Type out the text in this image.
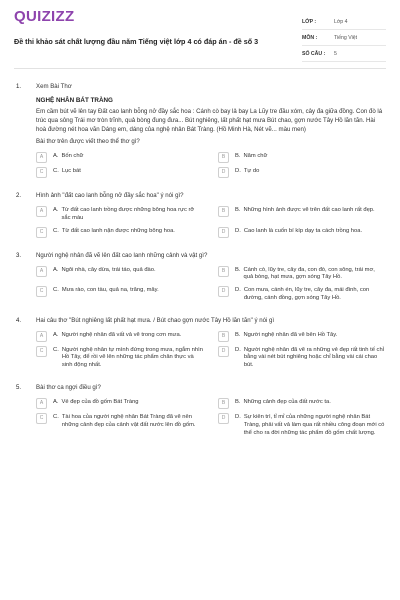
QUIZIZZ
Đề thi khảo sát chất lượng đầu năm Tiếng việt lớp 4 có đáp án - đề số 3
LỚP :	Lớp 4
MÔN :	Tiếng Việt
SỐ CÂU :	5
1.	Xem Bài Thơ
NGHỆ NHÂN BÁT TRÀNG
Em cầm bút vẽ lên tay Đất cao lanh bỗng nở đầy sắc hoa : Cánh cò bay lả bay La Lũy tre đầu xóm, cây đa giữa đồng. Con đò lá trúc qua sông Trái mơ tròn trĩnh, quả bòng đung đưa... Bút nghiêng, lất phất hạt mưa Bút chao, gợn nước Tây Hồ lăn tăn. Hài hoà đường nét hoa văn Dáng em, dáng của nghệ nhân Bát Tràng. (Hồ Minh Hà, Nét vẽ... màu men)
Bài thơ trên được viết theo thể thơ gì?
A	A. Bốn chữ	B	B. Năm chữ
C	C. Lục bát	D	D. Tự do
2.	Hình ảnh "đất cao lanh bỗng nở đầy sắc hoa" ý nói gì?
A	A. Từ đất cao lanh trồng được những bông hoa rực rỡ sắc màu
B	B. Những hình ảnh được vẽ trên đất cao lanh rất đẹp.
C	C. Từ đất cao lanh nặn được những bông hoa.	D	D. Cao lanh là cuốn bí kíp dạy ta cách trồng hoa.
3.	Người nghệ nhân đã vẽ lên đất cao lanh những cảnh và vật gì?
A	A. Ngôi nhà, cây dừa, trái táo, quả đào.	B	B. Cánh cò, lũy tre, cây đa, con đò, con sông, trái mơ, quả bòng, hạt mưa, gợn sóng Tây Hồ.
C	C. Mưa rào, con tàu, quả na, trăng, mây.	D	D. Con mưa, cánh én, lũy tre, cây đa, mái đình, con đường, cánh đồng, gợn sóng Tây Hồ.
4.	Hai câu thơ "Bút nghiêng lất phất hạt mưa. / Bút chao gợn nước Tây Hồ lăn tăn" ý nói gì
A	A. Người nghệ nhân đã vất vả vẽ trong cơn mưa.	B	B. Người nghệ nhân đã vẽ bên Hồ Tây.
C	C. Người nghệ nhân tự mình đứng trong mưa, ngắm nhìn Hồ Tây, để rồi vẽ lên những tác phẩm chân thực và sinh động nhất.
D	D. Người nghệ nhân đã vẽ ra những vẻ đẹp rất tinh tế chỉ bằng vài nét bút nghiêng hoặc chỉ bằng vài cái chao bút.
5.	Bài thơ ca ngợi điều gì?
A	A. Vẻ đẹp của đồ gốm Bát Tràng	B	B. Những cảnh đẹp của đất nước ta.
C	C. Tài hoa của người nghệ nhân Bát Tràng đã vẽ nên những cảnh đẹp của cảnh vật đất nước lên đồ gốm.
D	D. Sự kiên trì, tỉ mỉ của những người nghệ nhân Bát Tràng, phải vất vả làm qua rất nhiều công đoạn mới có thể cho ra đời những tác phẩm đồ gốm chất lượng.
